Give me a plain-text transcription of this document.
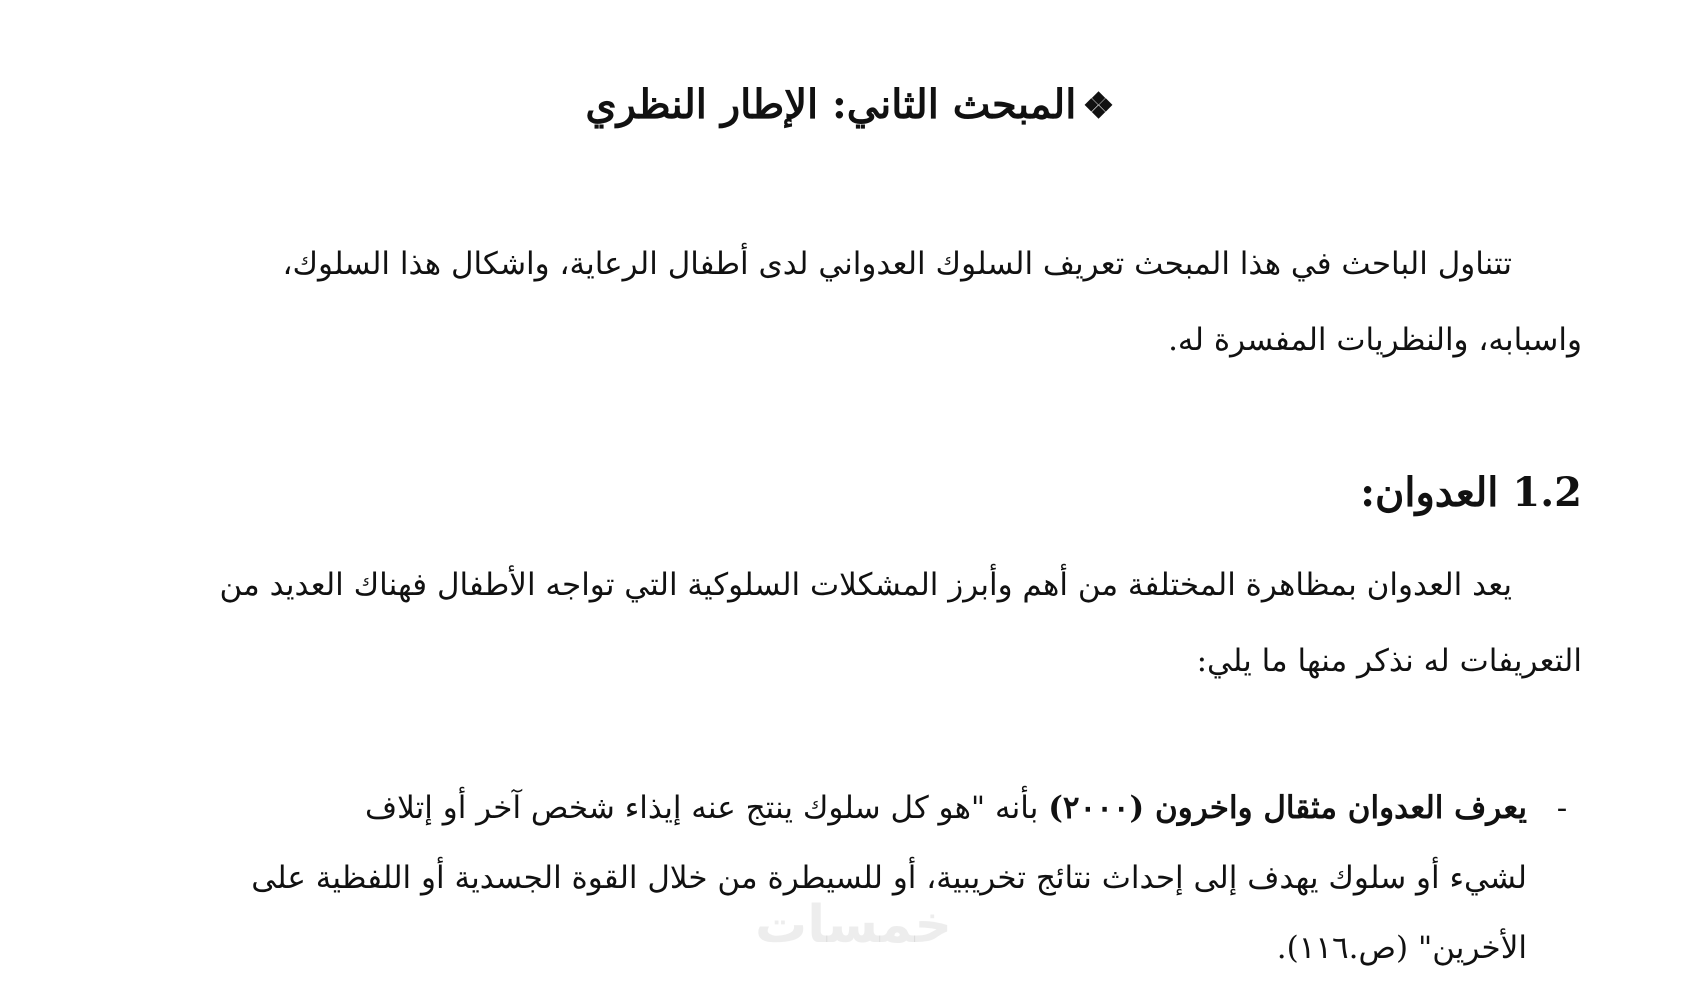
❖المبحث الثاني: الإطار النظري
تتناول الباحث في هذا المبحث تعريف السلوك العدواني لدى أطفال الرعاية، واشكال هذا السلوك،
واسبابه، والنظريات المفسرة له.
1.2العدوان:
يعد العدوان بمظاهرة المختلفة من أهم وأبرز المشكلات السلوكية التي تواجه الأطفال فهناك العديد من
التعريفات له نذكر منها ما يلي:
-
يعرف العدوان مثقال واخرون (٢٠٠٠) بأنه "هو كل سلوك ينتج عنه إيذاء شخص آخر أو إتلاف
لشيء أو سلوك يهدف إلى إحداث نتائج تخريبية، أو للسيطرة من خلال القوة الجسدية أو اللفظية على
الأخرين" (ص.١١٦).
خمسات
